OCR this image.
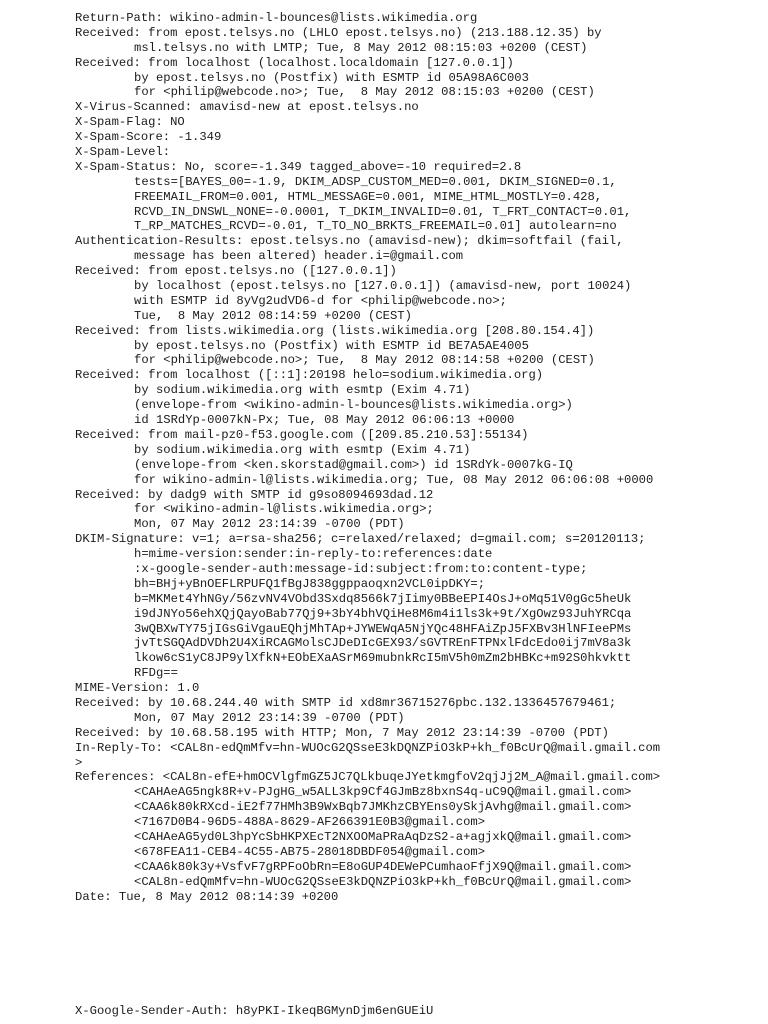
Return-Path: wikino-admin-l-bounces@lists.wikimedia.org
Received: from epost.telsys.no (LHLO epost.telsys.no) (213.188.12.35) by
msl.telsys.no with LMTP; Tue, 8 May 2012 08:15:03 +0200 (CEST)
Received: from localhost (localhost.localdomain [127.0.0.1])
by epost.telsys.no (Postfix) with ESMTP id 05A98A6C003
for <philip@webcode.no>; Tue,  8 May 2012 08:15:03 +0200 (CEST)
X-Virus-Scanned: amavisd-new at epost.telsys.no
X-Spam-Flag: NO
X-Spam-Score: -1.349
X-Spam-Level:
X-Spam-Status: No, score=-1.349 tagged_above=-10 required=2.8
tests=[BAYES_00=-1.9, DKIM_ADSP_CUSTOM_MED=0.001, DKIM_SIGNED=0.1,
FREEMAIL_FROM=0.001, HTML_MESSAGE=0.001, MIME_HTML_MOSTLY=0.428,
RCVD_IN_DNSWL_NONE=-0.0001, T_DKIM_INVALID=0.01, T_FRT_CONTACT=0.01,
T_RP_MATCHES_RCVD=-0.01, T_TO_NO_BRKTS_FREEMAIL=0.01] autolearn=no
Authentication-Results: epost.telsys.no (amavisd-new); dkim=softfail (fail,
message has been altered) header.i=@gmail.com
Received: from epost.telsys.no ([127.0.0.1])
by localhost (epost.telsys.no [127.0.0.1]) (amavisd-new, port 10024)
with ESMTP id 8yVg2udVD6-d for <philip@webcode.no>;
Tue,  8 May 2012 08:14:59 +0200 (CEST)
Received: from lists.wikimedia.org (lists.wikimedia.org [208.80.154.4])
by epost.telsys.no (Postfix) with ESMTP id BE7A5AE4005
for <philip@webcode.no>; Tue,  8 May 2012 08:14:58 +0200 (CEST)
Received: from localhost ([::1]:20198 helo=sodium.wikimedia.org)
by sodium.wikimedia.org with esmtp (Exim 4.71)
(envelope-from <wikino-admin-l-bounces@lists.wikimedia.org>)
id 1SRdYp-0007kN-Px; Tue, 08 May 2012 06:06:13 +0000
Received: from mail-pz0-f53.google.com ([209.85.210.53]:55134)
by sodium.wikimedia.org with esmtp (Exim 4.71)
(envelope-from <ken.skorstad@gmail.com>) id 1SRdYk-0007kG-IQ
for wikino-admin-l@lists.wikimedia.org; Tue, 08 May 2012 06:06:08 +0000
Received: by dadg9 with SMTP id g9so8094693dad.12
for <wikino-admin-l@lists.wikimedia.org>;
Mon, 07 May 2012 23:14:39 -0700 (PDT)
DKIM-Signature: v=1; a=rsa-sha256; c=relaxed/relaxed; d=gmail.com; s=20120113;
h=mime-version:sender:in-reply-to:references:date
:x-google-sender-auth:message-id:subject:from:to:content-type;
bh=BHj+yBnOEFLRPUFQ1fBgJ838ggppaoqxn2VCL0ipDKY=;
b=MKMet4YhNGy/56zvNV4VObd3Sxdq8566k7jIimy0BBeEPI4OsJ+oMq51V0gGc5heUk
i9dJNYo56ehXQjQayoBab77Qj9+3bY4bhVQiHe8M6m4i1ls3k+9t/XgOwz93JuhYRCqa
3wQBXwTY75jIGsGiVgauEQhjMhTAp+JYWEWqA5NjYQc48HFAiZpJ5FXBv3HlNFIeePMs
jvTtSGQAdDVDh2U4XiRCAGMolsCJDeDIcGEX93/sGVTREnFTPNxlFdcEdo0ij7mV8a3k
lkow6cS1yC8JP9ylXfkN+EObEXaASrM69mubnkRcI5mV5h0mZm2bHBKc+m92S0hkvktt
RFDg==
MIME-Version: 1.0
Received: by 10.68.244.40 with SMTP id xd8mr36715276pbc.132.1336457679461;
Mon, 07 May 2012 23:14:39 -0700 (PDT)
Received: by 10.68.58.195 with HTTP; Mon, 7 May 2012 23:14:39 -0700 (PDT)
In-Reply-To: <CAL8n-edQmMfv=hn-WUOcG2QSseE3kDQNZPiO3kP+kh_f0BcUrQ@mail.gmail.com
>
References: <CAL8n-efE+hmOCVlgfmGZ5JC7QLkbuqeJYetkmgfoV2qjJj2M_A@mail.gmail.com>
<CAHAeAG5ngk8R+v-PJgHG_w5ALL3kp9Cf4GJmBz8bxnS4q-uC9Q@mail.gmail.com>
<CAA6k80kRXcd-iE2f77HMh3B9WxBqb7JMKhzCBYEns0ySkjAvhg@mail.gmail.com>
<7167D0B4-96D5-488A-8629-AF266391E0B3@gmail.com>
<CAHAeAG5yd0L3hpYcSbHKPXEcT2NXOOMaPRaAqDzS2-a+agjxkQ@mail.gmail.com>
<678FEA11-CEB4-4C55-AB75-28018DBDF054@gmail.com>
<CAA6k80k3y+VsfvF7gRPFoObRn=E8oGUP4DEWePCumhaoFfjX9Q@mail.gmail.com>
<CAL8n-edQmMfv=hn-WUOcG2QSseE3kDQNZPiO3kP+kh_f0BcUrQ@mail.gmail.com>
Date: Tue, 8 May 2012 08:14:39 +0200
X-Google-Sender-Auth: h8yPKI-IkeqBGMynDjm6enGUEiU
